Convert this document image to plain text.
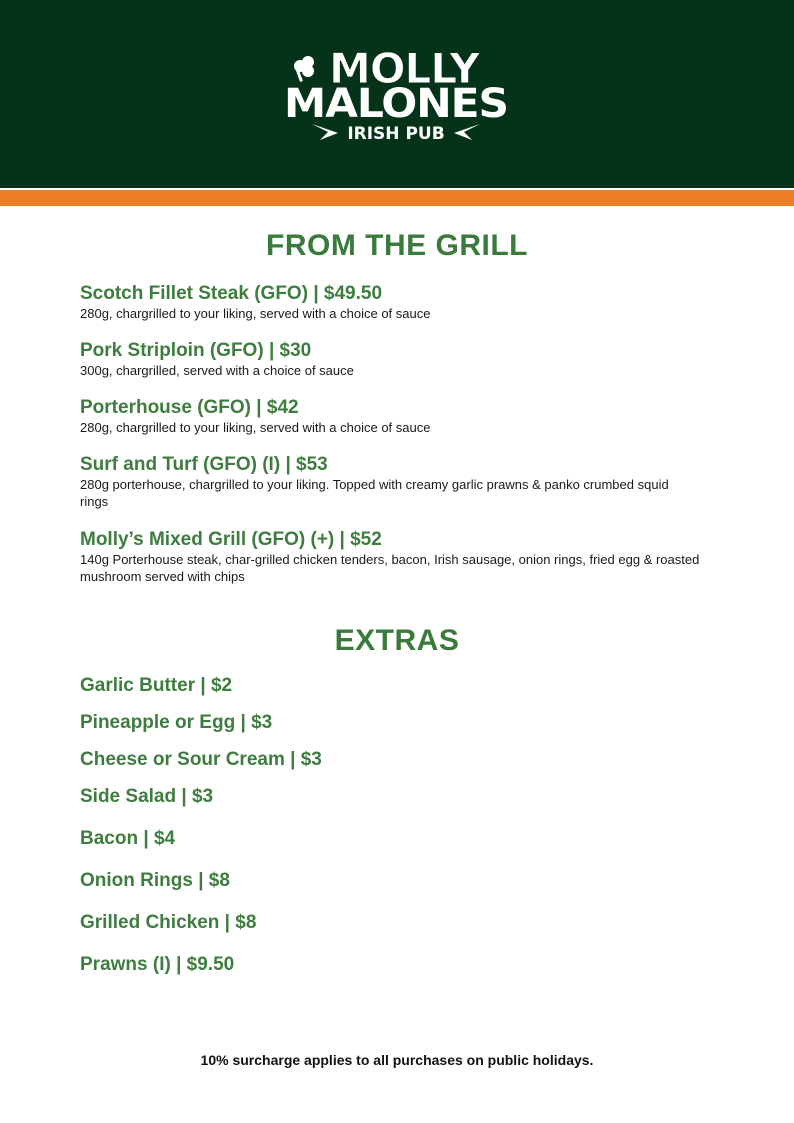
MOLLY
MALONES
IRISH PUB
FROM THE GRILL
Scotch Fillet Steak (GFO) | $49.50
280g, chargrilled to your liking, served with a choice of sauce
Pork Striploin (GFO) | $30
300g, chargrilled, served with a choice of sauce
Porterhouse (GFO) | $42
280g, chargrilled to your liking, served with a choice of sauce
Surf and Turf (GFO) (I) | $53
280g porterhouse, chargrilled to your liking. Topped with creamy garlic prawns & panko crumbed squid rings
Molly’s Mixed Grill (GFO) (+) | $52
140g Porterhouse steak, char-grilled chicken tenders, bacon, Irish sausage, onion rings, fried egg & roasted mushroom served with chips
EXTRAS
Garlic Butter | $2
Pineapple or Egg | $3
Cheese or Sour Cream | $3
Side Salad | $3
Bacon | $4
Onion Rings | $8
Grilled Chicken | $8
Prawns (I) | $9.50
10% surcharge applies to all purchases on public holidays.
